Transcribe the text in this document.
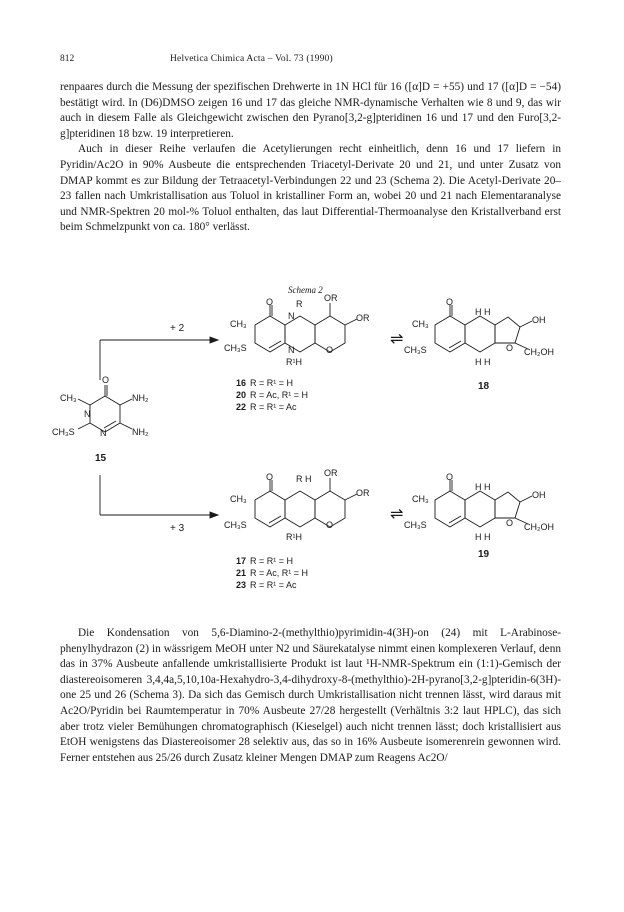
812	Helvetica Chimica Acta – Vol. 73 (1990)

renpaares durch die Messung der spezifischen Drehwerte in 1N HCl für 16 ([α]D = +55) und 17 ([α]D = −54) bestätigt wird. In (D6)DMSO zeigen 16 und 17 das gleiche NMR-dynamische Verhalten wie 8 und 9, das wir auch in diesem Falle als Gleichgewicht zwischen den Pyrano[3,2-g]pteridinen 16 und 17 und den Furo[3,2-g]pteridinen 18 bzw. 19 interpretieren.

Auch in dieser Reihe verlaufen die Acetylierungen recht einheitlich, denn 16 und 17 liefern in Pyridin/Ac2O in 90% Ausbeute die entsprechenden Triacetyl-Derivate 20 und 21, und unter Zusatz von DMAP kommt es zur Bildung der Tetraacetyl-Verbindungen 22 und 23 (Schema 2). Die Acetyl-Derivate 20–23 fallen nach Umkristallisation aus Toluol in kristalliner Form an, wobei 20 und 21 nach Elementaranalyse und NMR-Spektren 20 mol-% Toluol enthalten, das laut Differential-Thermoanalyse den Kristallverband erst beim Schmelzpunkt von ca. 180° verlässt.

Schema 2
CH₃
N
O
NH₂
CH₃S	N	NH₂
15
+ 2
+ 3
CH₃
O	R
N
OR
OR
CH₃S	N	O
R¹H
⇌
CH₃
O
H H
OH
CH₃S	O CH₂OH
H H
18
16 R = R¹ = H
20 R = Ac, R¹ = H
22 R = R¹ = Ac
CH₃
O	R H
OR
OR
CH₃S	O
R¹H
⇌
CH₃
O
H H
OH
CH₃S	O CH₂OH
H H
19
17 R = R¹ = H
21 R = Ac, R¹ = H
23 R = R¹ = Ac

Die Kondensation von 5,6-Diamino-2-(methylthio)pyrimidin-4(3H)-on (24) mit L-Arabinose-phenylhydrazon (2) in wässrigem MeOH unter N2 und Säurekatalyse nimmt einen komplexeren Verlauf, denn das in 37% Ausbeute anfallende umkristallisierte Produkt ist laut ¹H-NMR-Spektrum ein (1:1)-Gemisch der diastereoisomeren 3,4,4a,5,10,10a-Hexahydro-3,4-dihydroxy-8-(methylthio)-2H-pyrano[3,2-g]pteridin-6(3H)-one 25 und 26 (Schema 3). Da sich das Gemisch durch Umkristallisation nicht trennen lässt, wird daraus mit Ac2O/Pyridin bei Raumtemperatur in 70% Ausbeute 27/28 hergestellt (Verhältnis 3:2 laut HPLC), das sich aber trotz vieler Bemühungen chromatographisch (Kieselgel) auch nicht trennen lässt; doch kristallisiert aus EtOH wenigstens das Diastereoisomer 28 selektiv aus, das so in 16% Ausbeute isomerenrein gewonnen wird. Ferner entstehen aus 25/26 durch Zusatz kleiner Mengen DMAP zum Reagens Ac2O/
